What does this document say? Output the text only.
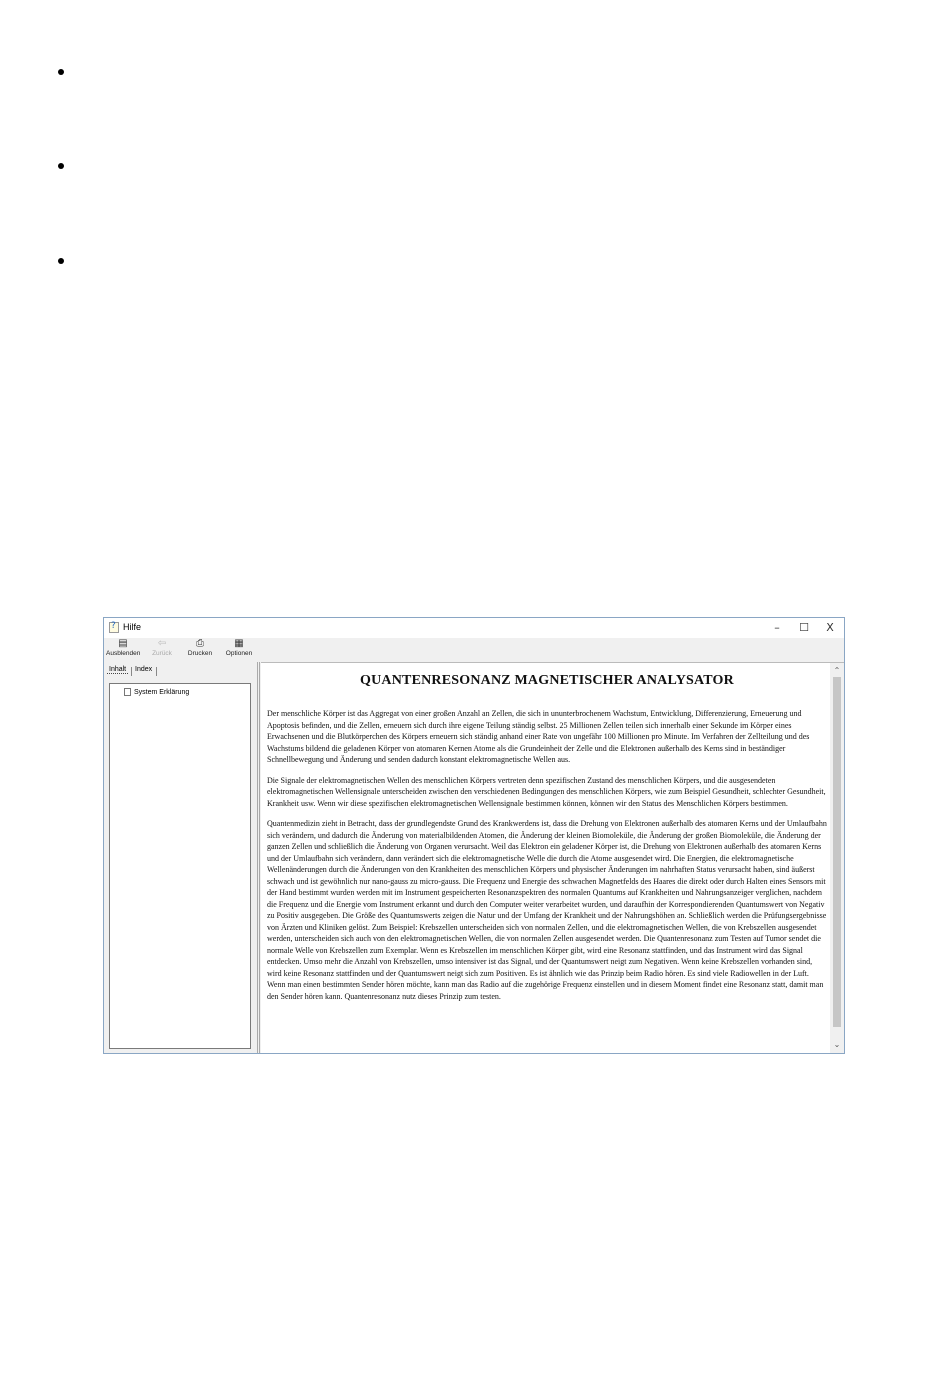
?
Hilfe	–	☐	X
▤
Ausblenden
⇦
Zurück
⎙
Drucken
▦
Optionen
Inhalt Index
System Erklärung
QUANTENRESONANZ MAGNETISCHER ANALYSATOR

Der menschliche Körper ist das Aggregat von einer großen Anzahl an Zellen, die sich in ununterbrochenem Wachstum, Entwicklung, Differenzierung, Erneuerung und Apoptosis befinden, und die Zellen, erneuern sich durch ihre eigene Teilung ständig selbst. 25 Millionen Zellen teilen sich innerhalb einer Sekunde im Körper eines Erwachsenen und die Blutkörperchen des Körpers erneuern sich ständig anhand einer Rate von ungefähr 100 Millionen pro Minute. Im Verfahren der Zellteilung und des Wachstums bildend die geladenen Körper von atomaren Kernen Atome als die Grundeinheit der Zelle und die Elektronen außerhalb des Kerns sind in beständiger Schnellbewegung und Änderung und senden dadurch konstant elektromagnetische Wellen aus.

Die Signale der elektromagnetischen Wellen des menschlichen Körpers vertreten denn spezifischen Zustand des menschlichen Körpers, und die ausgesendeten elektromagnetischen Wellensignale unterscheiden zwischen den verschiedenen Bedingungen des menschlichen Körpers, wie zum Beispiel Gesundheit, schlechter Gesundheit, Krankheit usw. Wenn wir diese spezifischen elektromagnetischen Wellensignale bestimmen können, können wir den Status des Menschlichen Körpers bestimmen.

Quantenmedizin zieht in Betracht, dass der grundlegendste Grund des Krankwerdens ist, dass die Drehung von Elektronen außerhalb des atomaren Kerns und der Umlaufbahn sich verändern, und dadurch die Änderung von materialbildenden Atomen, die Änderung der kleinen Biomoleküle, die Änderung der großen Biomoleküle, die Änderung der ganzen Zellen und schließlich die Änderung von Organen verursacht. Weil das Elektron ein geladener Körper ist, die Drehung von Elektronen außerhalb des atomaren Kerns und der Umlaufbahn sich verändern, dann verändert sich die elektromagnetische Welle die durch die Atome ausgesendet wird. Die Energien, die elektromagnetische Wellenänderungen durch die Änderungen von den Krankheiten des menschlichen Körpers und physischer Änderungen im nahrhaften Status verursacht haben, sind äußerst schwach und ist gewöhnlich nur nano-gauss zu micro-gauss. Die Frequenz und Energie des schwachen Magnetfelds des Haares die direkt oder durch Halten eines Sensors mit der Hand bestimmt wurden werden mit im Instrument gespeicherten Resonanzspektren des normalen Quantums auf Krankheiten und Nahrungsanzeiger verglichen, nachdem die Frequenz und die Energie vom Instrument erkannt und durch den Computer weiter verarbeitet wurden, und daraufhin der Korrespondierenden Quantumswert von Negativ zu Positiv ausgegeben. Die Größe des Quantumswerts zeigen die Natur und der Umfang der Krankheit und der Nahrungshöhen an. Schließlich werden die Prüfungsergebnisse von Ärzten und Kliniken gelöst. Zum Beispiel: Krebszellen unterscheiden sich von normalen Zellen, und die elektromagnetischen Wellen, die von Krebszellen ausgesendet werden, unterscheiden sich auch von den elektromagnetischen Wellen, die von normalen Zellen ausgesendet werden. Die Quantenresonanz zum Testen auf Tumor sendet die normale Welle von Krebszellen zum Exemplar. Wenn es Krebszellen im menschlichen Körper gibt, wird eine Resonanz stattfinden, und das Instrument wird das Signal entdecken. Umso mehr die Anzahl von Krebszellen, umso intensiver ist das Signal, und der Quantumswert neigt zum Negativen. Wenn keine Krebszellen vorhanden sind, wird keine Resonanz stattfinden und der Quantumswert neigt sich zum Positiven. Es ist ähnlich wie das Prinzip beim Radio hören. Es sind viele Radiowellen in der Luft. Wenn man einen bestimmten Sender hören möchte, kann man das Radio auf die zugehörige Frequenz einstellen und in diesem Moment findet eine Resonanz statt, damit man den Sender hören kann. Quantenresonanz nutz dieses Prinzip zum testen.

⌃
⌄
